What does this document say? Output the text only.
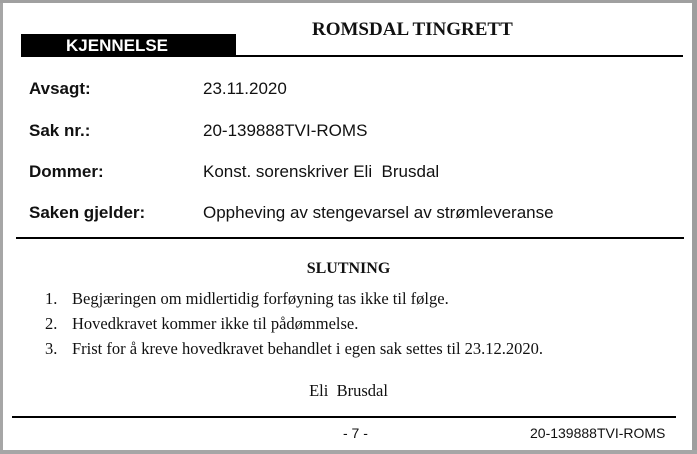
KJENNELSE
ROMSDAL TINGRETT
Avsagt:	23.11.2020
Sak nr.:	20-139888TVI-ROMS
Dommer:	Konst. sorenskriver Eli  Brusdal
Saken gjelder:	Oppheving av stengevarsel av strømleveranse
SLUTNING
1. Begjæringen om midlertidig forføyning tas ikke til følge.
2. Hovedkravet kommer ikke til pådømmelse.
3. Frist for å kreve hovedkravet behandlet i egen sak settes til 23.12.2020.
Eli  Brusdal
- 7 -	20-139888TVI-ROMS
